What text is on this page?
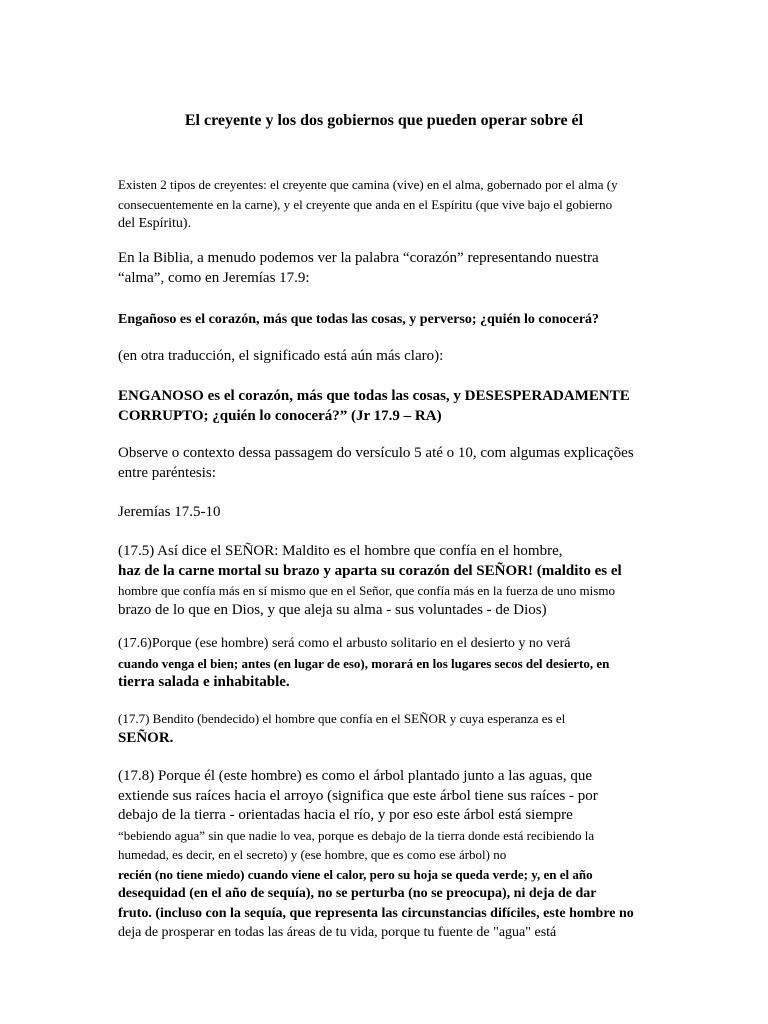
El creyente y los dos gobiernos que pueden operar sobre él

Existen 2 tipos de creyentes: el creyente que camina (vive) en el alma, gobernado por el alma (y
consecuentemente en la carne), y el creyente que anda en el Espíritu (que vive bajo el gobierno
del Espíritu).

En la Biblia, a menudo podemos ver la palabra “corazón” representando nuestra
“alma”, como en Jeremías 17.9:

Engañoso es el corazón, más que todas las cosas, y perverso; ¿quién lo conocerá?

(en otra traducción, el significado está aún más claro):

ENGANOSO es el corazón, más que todas las cosas, y DESESPERADAMENTE
CORRUPTO; ¿quién lo conocerá?” (Jr 17.9 – RA)

Observe o contexto dessa passagem do versículo 5 até o 10, com algumas explicações
entre paréntesis:

Jeremías 17.5-10

(17.5) Así dice el SEÑOR: Maldito es el hombre que confía en el hombre,
haz de la carne mortal su brazo y aparta su corazón del SEÑOR! (maldito es el
hombre que confía más en sí mismo que en el Señor, que confía más en la fuerza de uno mismo
brazo de lo que en Dios, y que aleja su alma - sus voluntades - de Dios)

(17.6)Porque (ese hombre) será como el arbusto solitario en el desierto y no verá
cuando venga el bien; antes (en lugar de eso), morará en los lugares secos del desierto, en
tierra salada e inhabitable.

(17.7) Bendito (bendecido) el hombre que confía en el SEÑOR y cuya esperanza es el
SEÑOR.

(17.8) Porque él (este hombre) es como el árbol plantado junto a las aguas, que
extiende sus raíces hacia el arroyo (significa que este árbol tiene sus raíces - por
debajo de la tierra - orientadas hacia el río, y por eso este árbol está siempre
“bebiendo agua” sin que nadie lo vea, porque es debajo de la tierra donde está recibiendo la
humedad, es decir, en el secreto) y (ese hombre, que es como ese árbol) no
recién (no tiene miedo) cuando viene el calor, pero su hoja se queda verde; y, en el año
desequidad (en el año de sequía), no se perturba (no se preocupa), ni deja de dar
fruto. (incluso con la sequía, que representa las circunstancias difíciles, este hombre no
deja de prosperar en todas las áreas de tu vida, porque tu fuente de "agua" está
